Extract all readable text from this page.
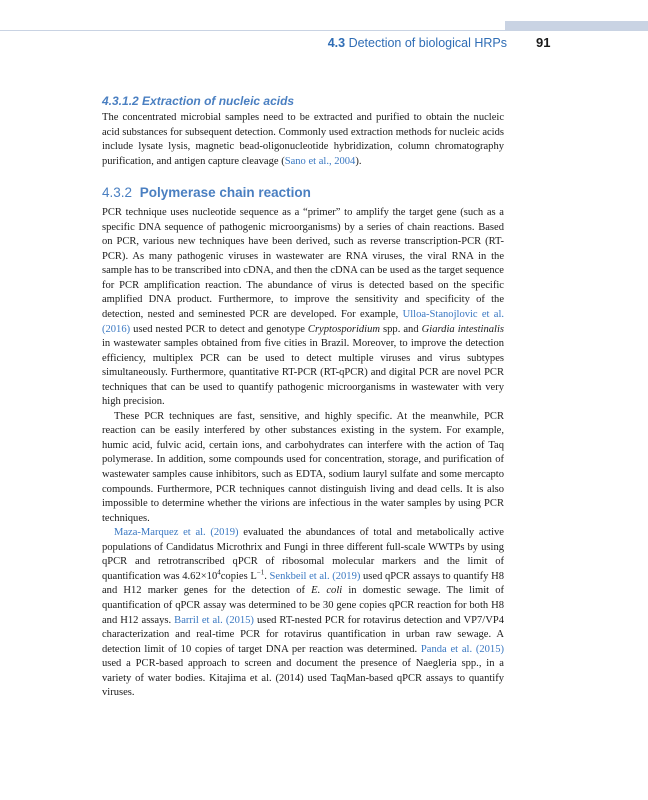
4.3 Detection of biological HRPs 91
4.3.1.2 Extraction of nucleic acids

The concentrated microbial samples need to be extracted and purified to obtain the nucleic acid substances for subsequent detection. Commonly used extraction methods for nucleic acids include lysate lysis, magnetic bead-oligonucleotide hybridization, column chromatography purification, and antigen capture cleavage (Sano et al., 2004).

4.3.2 Polymerase chain reaction

PCR technique uses nucleotide sequence as a “primer” to amplify the target gene (such as a specific DNA sequence of pathogenic microorganisms) by a series of chain reactions. Based on PCR, various new techniques have been derived, such as reverse transcription-PCR (RT-PCR). As many pathogenic viruses in wastewater are RNA viruses, the viral RNA in the sample has to be transcribed into cDNA, and then the cDNA can be used as the target sequence for PCR amplification reaction. The abundance of virus is detected based on the specific amplified DNA product. Furthermore, to improve the sensitivity and specificity of the detection, nested and seminested PCR are developed. For example, Ulloa-Stanojlovic et al. (2016) used nested PCR to detect and genotype Cryptosporidium spp. and Giardia intestinalis in wastewater samples obtained from five cities in Brazil. Moreover, to improve the detection efficiency, multiplex PCR can be used to detect multiple viruses and virus subtypes simultaneously. Furthermore, quantitative RT-PCR (RT-qPCR) and digital PCR are novel PCR techniques that can be used to quantify pathogenic microorganisms in wastewater with very high precision.

These PCR techniques are fast, sensitive, and highly specific. At the meanwhile, PCR reaction can be easily interfered by other substances existing in the system. For example, humic acid, fulvic acid, certain ions, and carbohydrates can interfere with the action of Taq polymerase. In addition, some compounds used for concentration, storage, and purification of wastewater samples cause inhibitors, such as EDTA, sodium lauryl sulfate and some mercapto compounds. Furthermore, PCR techniques cannot distinguish living and dead cells. It is also impossible to determine whether the virions are infectious in the water samples by using PCR techniques.

Maza-Marquez et al. (2019) evaluated the abundances of total and metabolically active populations of Candidatus Microthrix and Fungi in three different full-scale WWTPs by using qPCR and retrotranscribed qPCR of ribosomal molecular markers and the limit of quantification was $4.62\times 10^4copies$ $L^{-1}$. Senkbeil et al. (2019) used qPCR assays to quantify H8 and H12 marker genes for the detection of E. coli in domestic sewage. The limit of quantification of qPCR assay was determined to be 30 gene copies qPCR reaction for both H8 and H12 assays. Barril et al. (2015) used RT-nested PCR for rotavirus detection and VP7/VP4 characterization and real-time PCR for rotavirus quantification in urban raw sewage. A detection limit of 10 copies of target DNA per reaction was determined. Panda et al. (2015) used a PCR-based approach to screen and document the presence of Naegleria spp., in a variety of water bodies. Kitajima et al. (2014) used TaqMan-based qPCR assays to quantify viruses.
